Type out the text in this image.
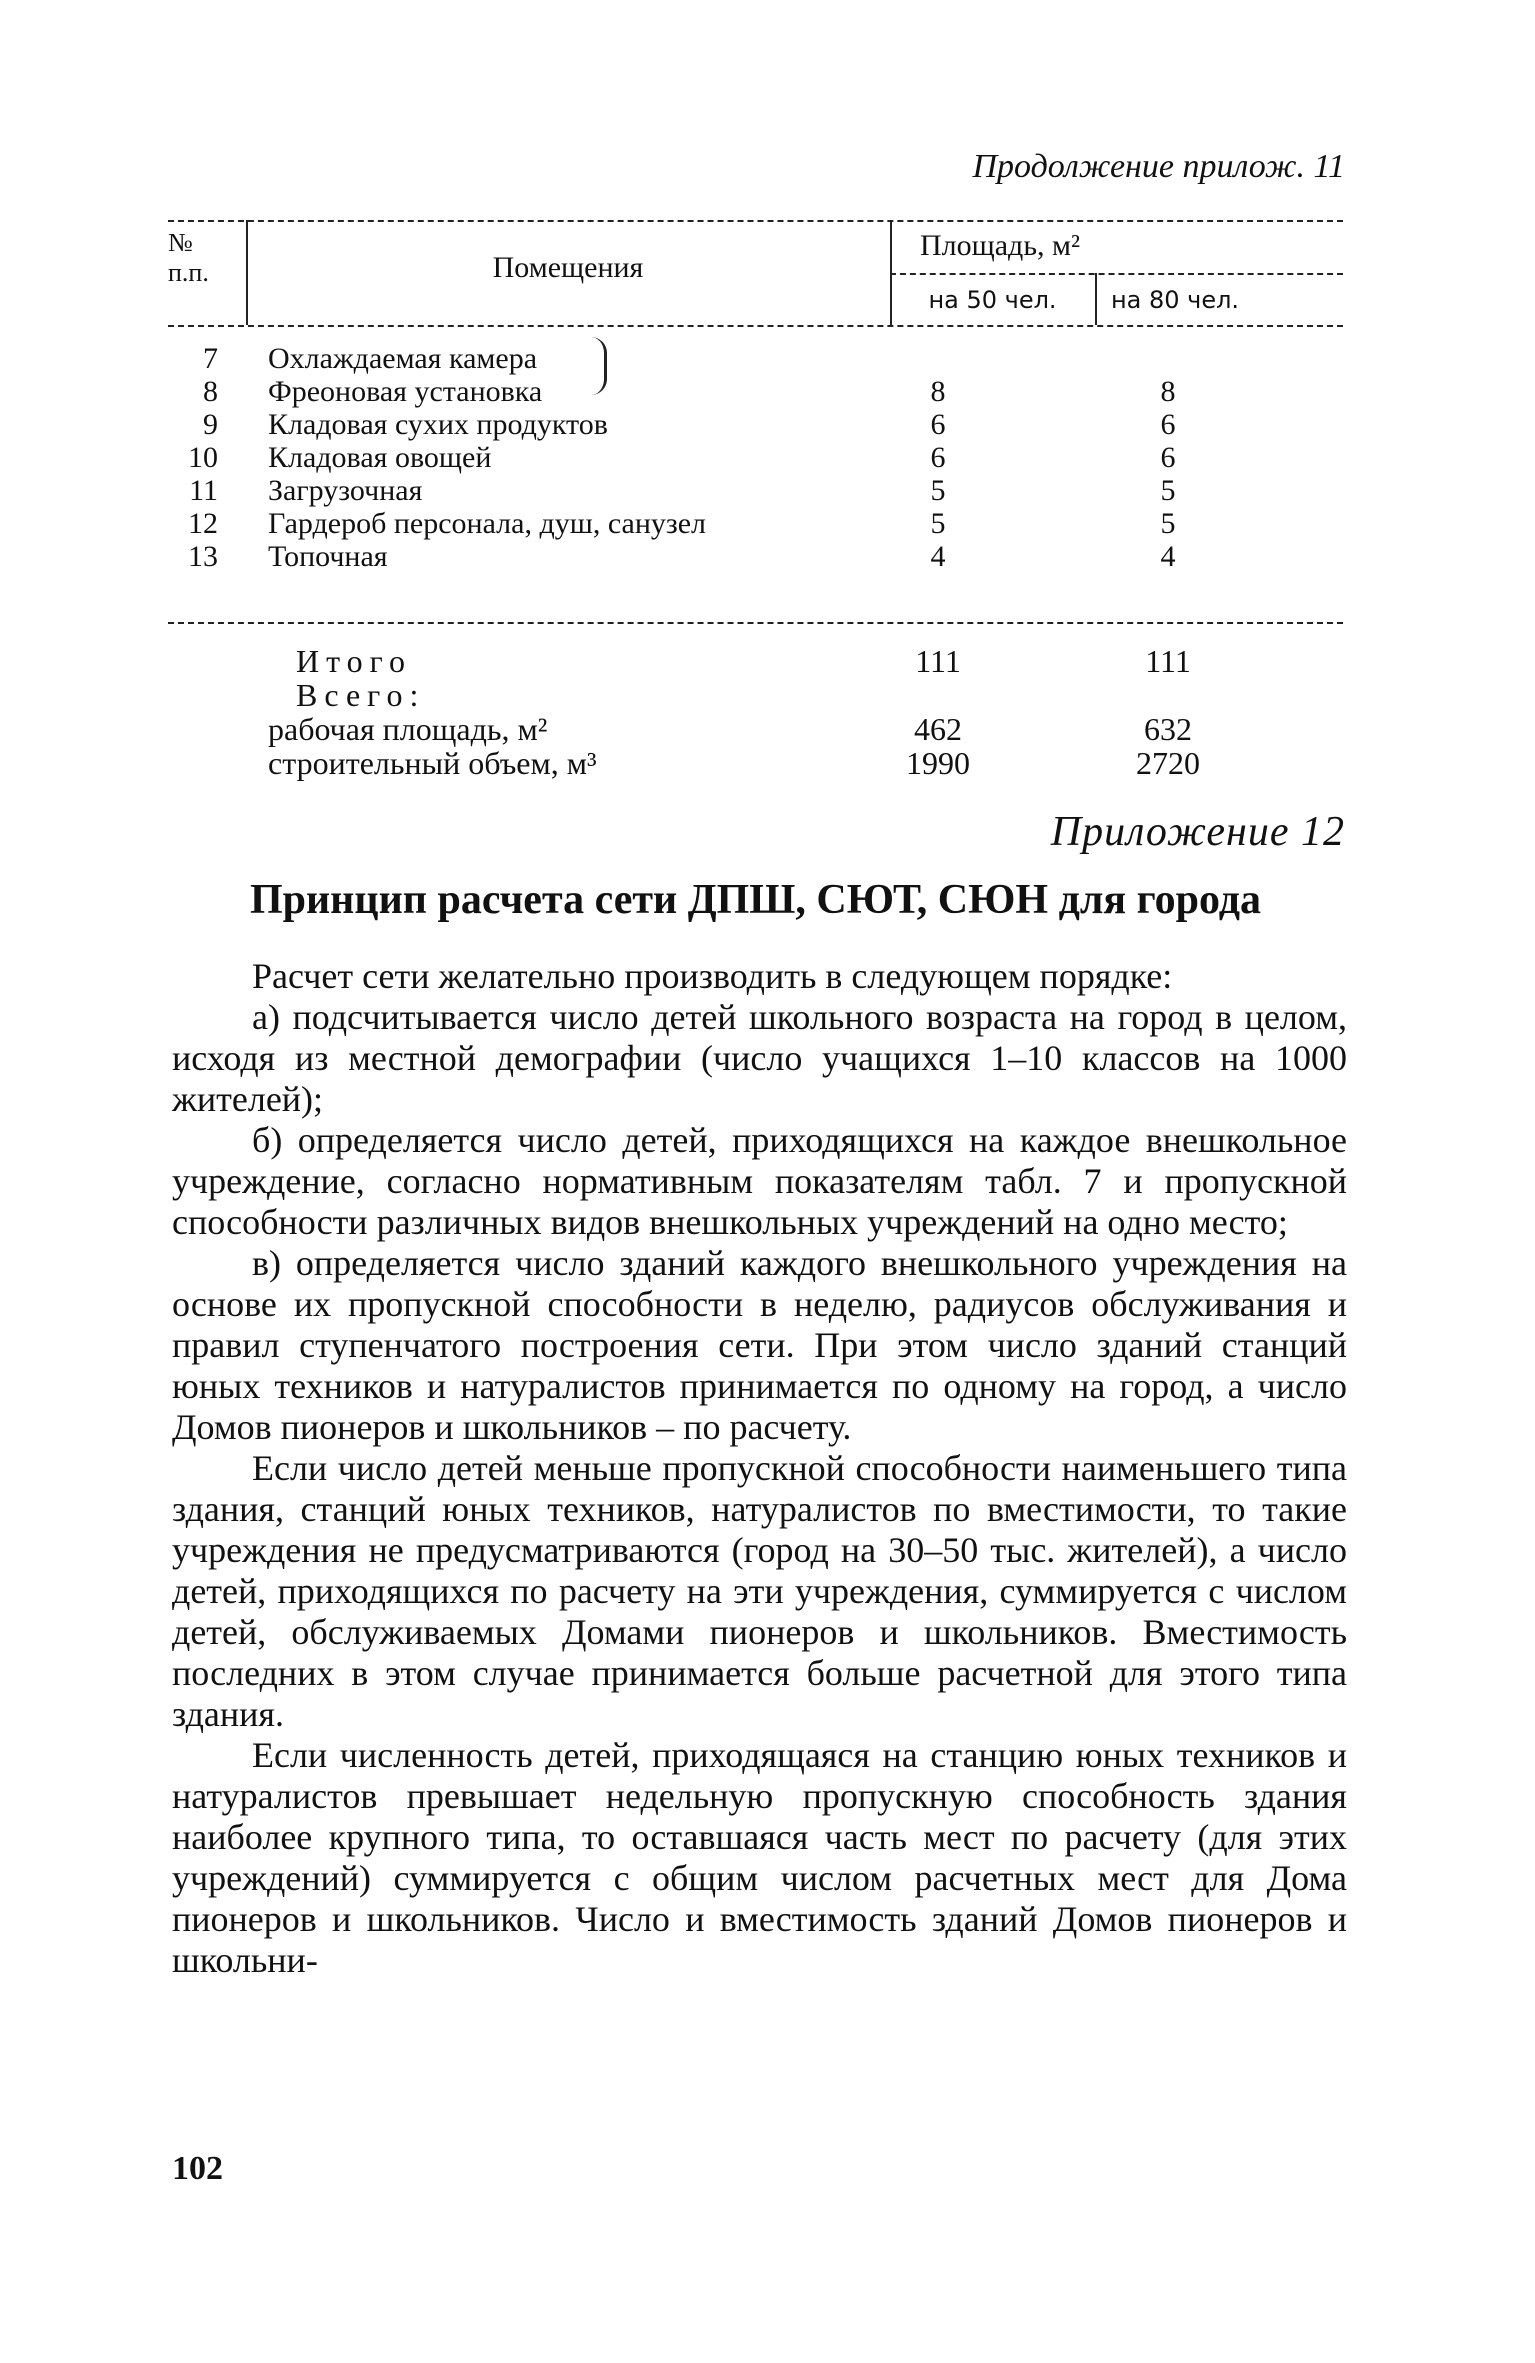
Продолжение прилож. 11
№ п.п.	Помещения
Площадь, м²
на 50 чел.	на 80 чел.
7 Охлаждаемая камера
8 Фреоновая установка	8	8
9 Кладовая сухих продуктов	6	6
10 Кладовая овощей	6	6
11 Загрузочная	5	5
12 Гардероб персонала, душ, санузел	5	5
13 Топочная	4	4
Итого	111	111
Всего:
рабочая площадь, м²	462	632
строительный объем, м³	1990	2720
Приложение 12
Принцип расчета сети ДПШ, СЮТ, СЮН для города

Расчет сети желательно производить в следующем порядке:

а) подсчитывается число детей школьного возраста на город в целом, исходя из местной демографии (число учащихся 1–10 классов на 1000 жителей);

б) определяется число детей, приходящихся на каждое внешкольное учреждение, согласно нормативным показателям табл. 7 и пропускной способности различных видов внешкольных учреждений на одно место;

в) определяется число зданий каждого внешкольного учреждения на основе их пропускной способности в неделю, радиусов обслуживания и правил ступенчатого построения сети. При этом число зданий станций юных техников и натуралистов принимается по одному на город, а число Домов пионеров и школьников – по расчету.

Если число детей меньше пропускной способности наименьшего типа здания, станций юных техников, натуралистов по вместимости, то такие учреждения не предусматриваются (город на 30–50 тыс. жителей), а число детей, приходящихся по расчету на эти учреждения, суммируется с числом детей, обслуживаемых Домами пионеров и школьников. Вместимость последних в этом случае принимается больше расчетной для этого типа здания.

Если численность детей, приходящаяся на станцию юных техников и натуралистов превышает недельную пропускную способность здания наиболее крупного типа, то оставшаяся часть мест по расчету (для этих учреждений) суммируется с общим числом расчетных мест для Дома пионеров и школьников. Число и вместимость зданий Домов пионеров и школьни-

102
